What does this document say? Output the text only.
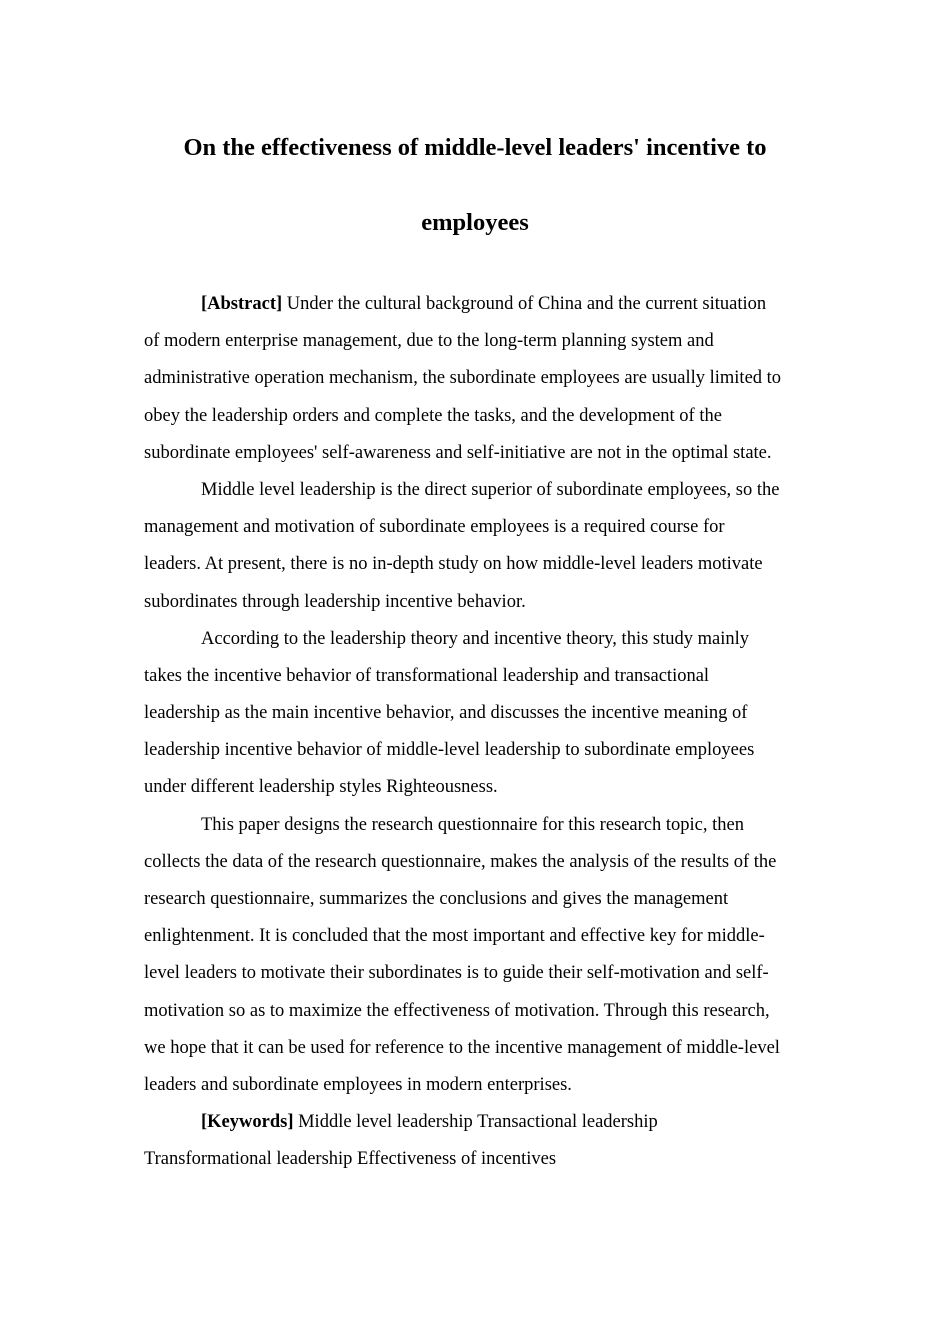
On the effectiveness of middle-level leaders' incentive to
employees
[Abstract] Under the cultural background of China and the current situation
of modern enterprise management, due to the long-term planning system and
administrative operation mechanism, the subordinate employees are usually limited to
obey the leadership orders and complete the tasks, and the development of the
subordinate employees' self-awareness and self-initiative are not in the optimal state.
Middle level leadership is the direct superior of subordinate employees, so the
management and motivation of subordinate employees is a required course for
leaders. At present, there is no in-depth study on how middle-level leaders motivate
subordinates through leadership incentive behavior.
According to the leadership theory and incentive theory, this study mainly
takes the incentive behavior of transformational leadership and transactional
leadership as the main incentive behavior, and discusses the incentive meaning of
leadership incentive behavior of middle-level leadership to subordinate employees
under different leadership styles Righteousness.
This paper designs the research questionnaire for this research topic, then
collects the data of the research questionnaire, makes the analysis of the results of the
research questionnaire, summarizes the conclusions and gives the management
enlightenment. It is concluded that the most important and effective key for middle-
level leaders to motivate their subordinates is to guide their self-motivation and self-
motivation so as to maximize the effectiveness of motivation. Through this research,
we hope that it can be used for reference to the incentive management of middle-level
leaders and subordinate employees in modern enterprises.
[Keywords] Middle level leadership Transactional leadership
Transformational leadership Effectiveness of incentives
